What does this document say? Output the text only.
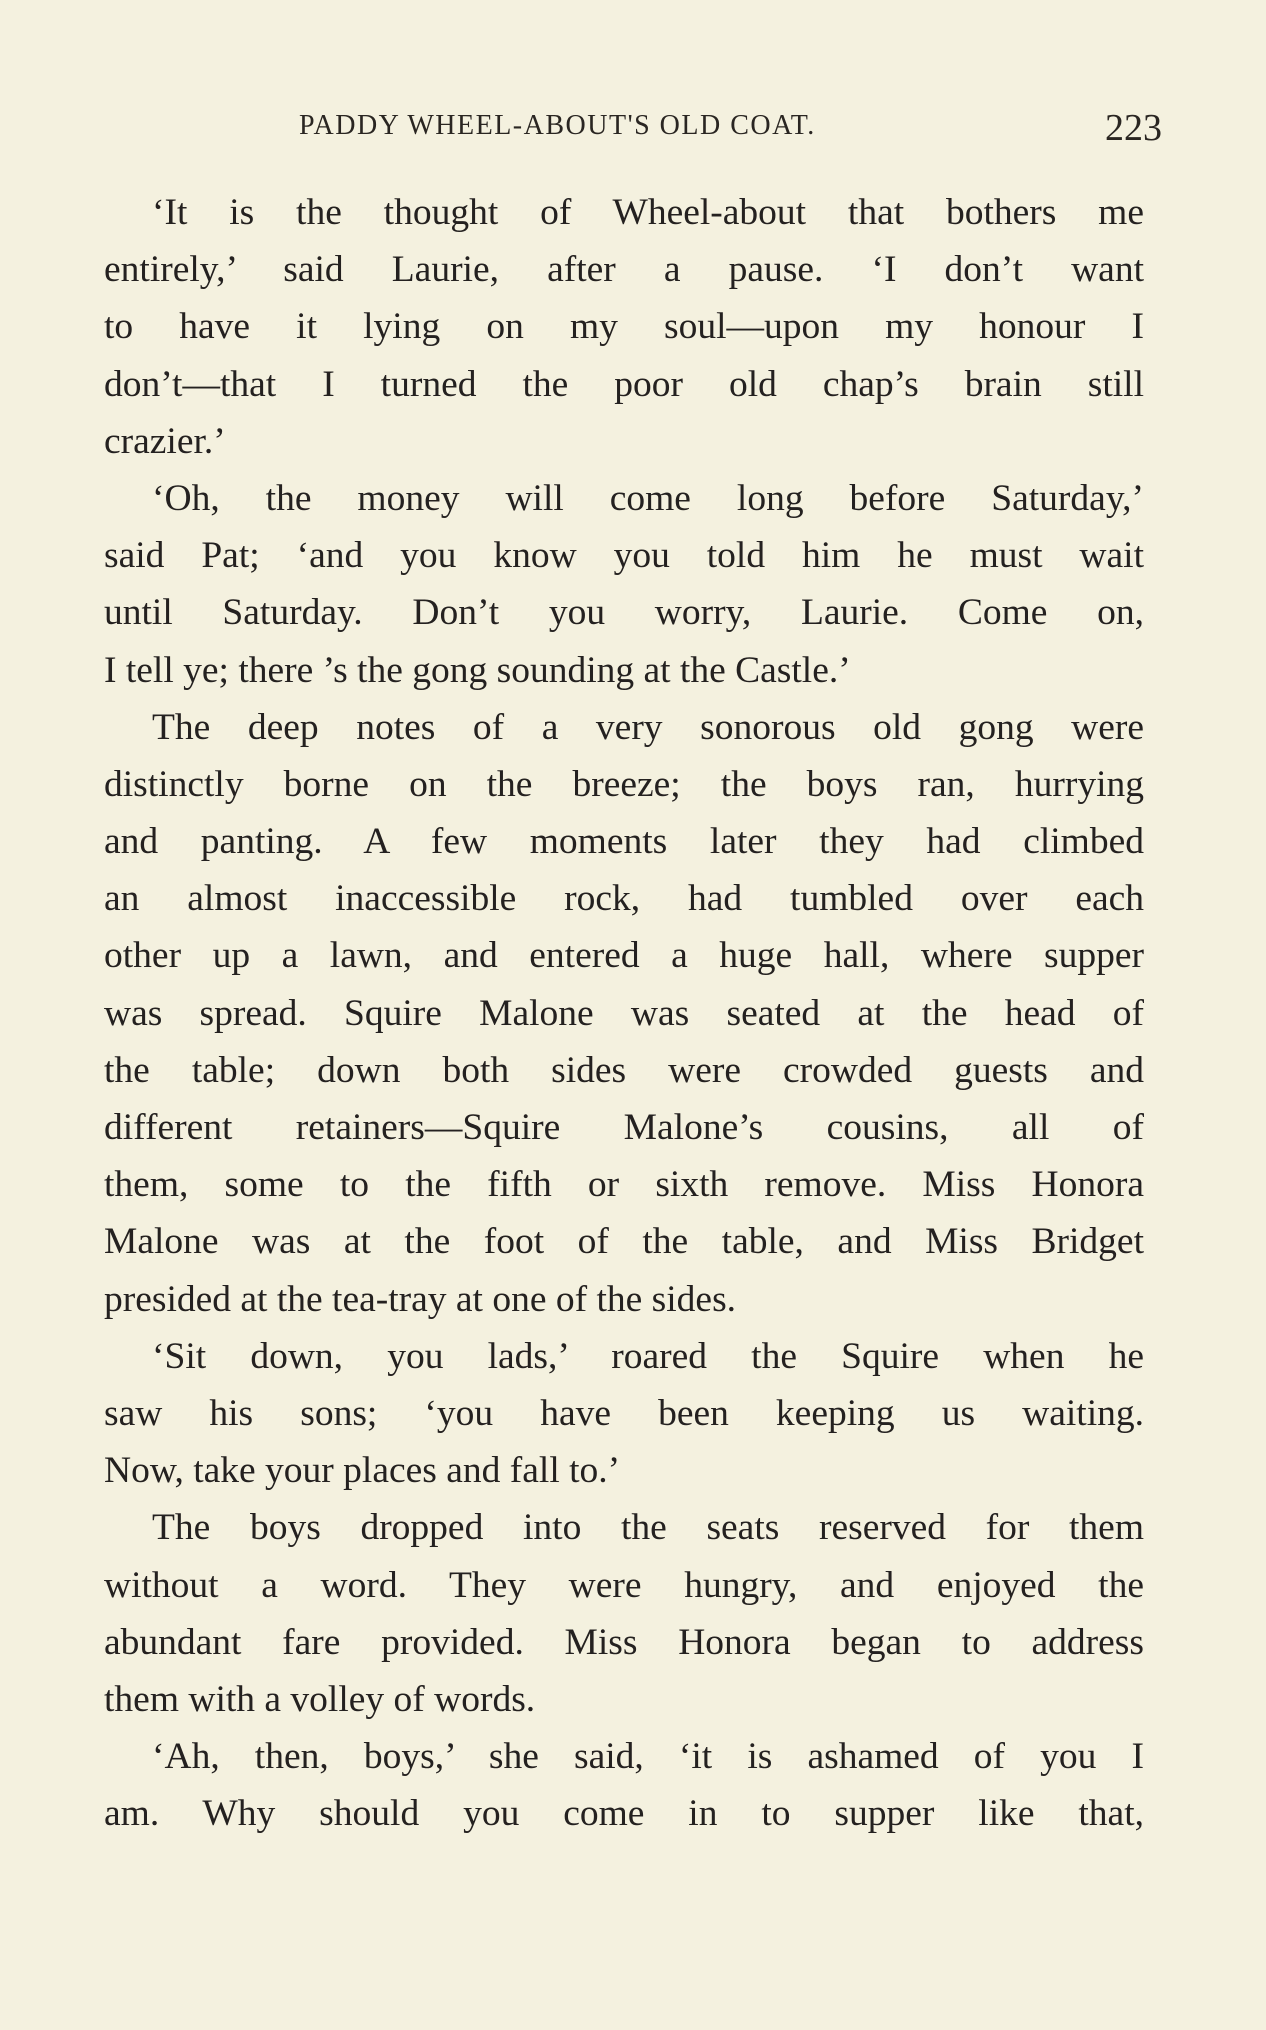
PADDY WHEEL-ABOUT'S OLD COAT.	223
‘It is the thought of Wheel-about that bothers me
entirely,’ said Laurie, after a pause. ‘I don’t want
to have it lying on my soul—upon my honour I
don’t—that I turned the poor old chap’s brain still
crazier.’
‘Oh, the money will come long before Saturday,’
said Pat; ‘and you know you told him he must wait
until Saturday. Don’t you worry, Laurie. Come on,
I tell ye; there ’s the gong sounding at the Castle.’
The deep notes of a very sonorous old gong were
distinctly borne on the breeze; the boys ran, hurrying
and panting. A few moments later they had climbed
an almost inaccessible rock, had tumbled over each
other up a lawn, and entered a huge hall, where supper
was spread. Squire Malone was seated at the head of
the table; down both sides were crowded guests and
different retainers—Squire Malone’s cousins, all of
them, some to the fifth or sixth remove. Miss Honora
Malone was at the foot of the table, and Miss Bridget
presided at the tea-tray at one of the sides.
‘Sit down, you lads,’ roared the Squire when he
saw his sons; ‘you have been keeping us waiting.
Now, take your places and fall to.’
The boys dropped into the seats reserved for them
without a word. They were hungry, and enjoyed the
abundant fare provided. Miss Honora began to address
them with a volley of words.
‘Ah, then, boys,’ she said, ‘it is ashamed of you I
am. Why should you come in to supper like that,
